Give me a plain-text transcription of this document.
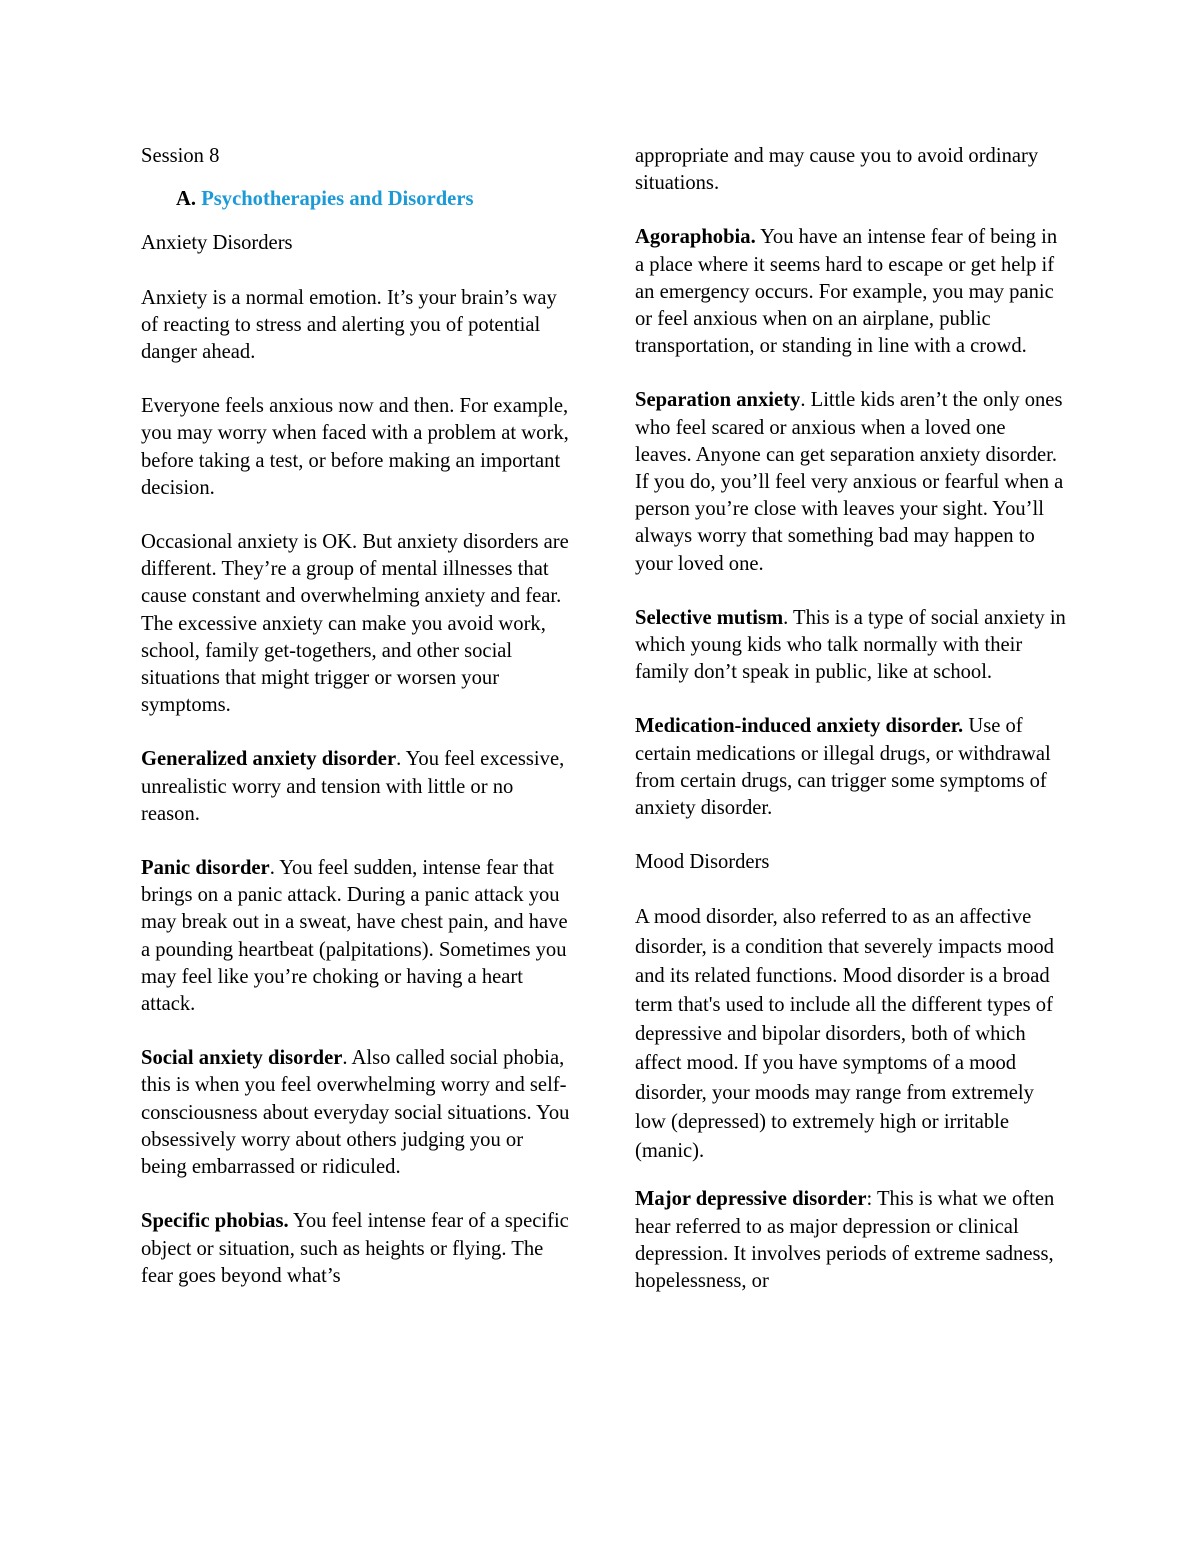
Session 8

A. Psychotherapies and Disorders

Anxiety Disorders

Anxiety is a normal emotion. It’s your brain’s way of reacting to stress and alerting you of potential danger ahead.

Everyone feels anxious now and then. For example, you may worry when faced with a problem at work, before taking a test, or before making an important decision.

Occasional anxiety is OK. But anxiety disorders are different. They’re a group of mental illnesses that cause constant and overwhelming anxiety and fear. The excessive anxiety can make you avoid work, school, family get-togethers, and other social situations that might trigger or worsen your symptoms.

Generalized anxiety disorder. You feel excessive, unrealistic worry and tension with little or no reason.

Panic disorder. You feel sudden, intense fear that brings on a panic attack. During a panic attack you may break out in a sweat, have chest pain, and have a pounding heartbeat (palpitations). Sometimes you may feel like you’re choking or having a heart attack.

Social anxiety disorder. Also called social phobia, this is when you feel overwhelming worry and self-consciousness about everyday social situations. You obsessively worry about others judging you or being embarrassed or ridiculed.

Specific phobias. You feel intense fear of a specific object or situation, such as heights or flying. The fear goes beyond what’s

appropriate and may cause you to avoid ordinary situations.

Agoraphobia. You have an intense fear of being in a place where it seems hard to escape or get help if an emergency occurs. For example, you may panic or feel anxious when on an airplane, public transportation, or standing in line with a crowd.

Separation anxiety. Little kids aren’t the only ones who feel scared or anxious when a loved one leaves. Anyone can get separation anxiety disorder. If you do, you’ll feel very anxious or fearful when a person you’re close with leaves your sight. You’ll always worry that something bad may happen to your loved one.

Selective mutism. This is a type of social anxiety in which young kids who talk normally with their family don’t speak in public, like at school.

Medication-induced anxiety disorder. Use of certain medications or illegal drugs, or withdrawal from certain drugs, can trigger some symptoms of anxiety disorder.

Mood Disorders

A mood disorder, also referred to as an affective disorder, is a condition that severely impacts mood and its related functions. Mood disorder is a broad term that's used to include all the different types of depressive and bipolar disorders, both of which affect mood. If you have symptoms of a mood disorder, your moods may range from extremely low (depressed) to extremely high or irritable (manic).

Major depressive disorder: This is what we often hear referred to as major depression or clinical depression. It involves periods of extreme sadness, hopelessness, or
